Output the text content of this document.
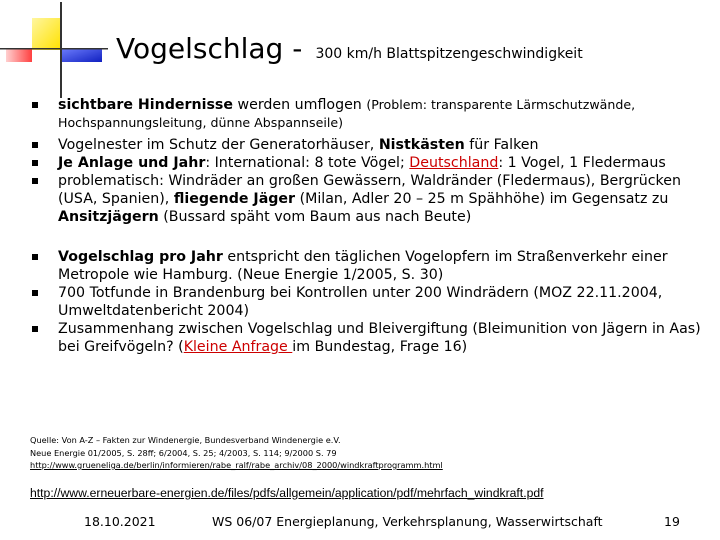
Vogelschlag - 300 km/h Blattspitzengeschwindigkeit
sichtbare Hindernisse werden umflogen (Problem: transparente Lärmschutzwände, Hochspannungsleitung, dünne Abspannseile)
Vogelnester im Schutz der Generatorhäuser, Nistkästen für Falken
Je Anlage und Jahr: International: 8 tote Vögel; Deutschland: 1 Vogel, 1 Fledermaus
problematisch: Windräder an großen Gewässern, Waldränder (Fledermaus), Bergrücken (USA, Spanien), fliegende Jäger (Milan, Adler 20 – 25 m Spähhöhe) im Gegensatz zu Ansitzjägern (Bussard späht vom Baum aus nach Beute)
Vogelschlag pro Jahr entspricht den täglichen Vogelopfern im Straßenverkehr einer Metropole wie Hamburg. (Neue Energie 1/2005, S. 30)
700 Totfunde in Brandenburg bei Kontrollen unter 200 Windrädern (MOZ 22.11.2004, Umweltdatenbericht 2004)
Zusammenhang zwischen Vogelschlag und Bleivergiftung (Bleimunition von Jägern in Aas) bei Greifvögeln? (Kleine Anfrage im Bundestag, Frage 16)
Quelle: Von A-Z – Fakten zur Windenergie, Bundesverband Windenergie e.V.
Neue Energie 01/2005, S. 28ff; 6/2004, S. 25; 4/2003, S. 114; 9/2000 S. 79
http://www.grueneliga.de/berlin/informieren/rabe_ralf/rabe_archiv/08_2000/windkraftprogramm.html
http://www.erneuerbare-energien.de/files/pdfs/allgemein/application/pdf/mehrfach_windkraft.pdf
18.10.2021	WS 06/07 Energieplanung, Verkehrsplanung, Wasserwirtschaft	19
